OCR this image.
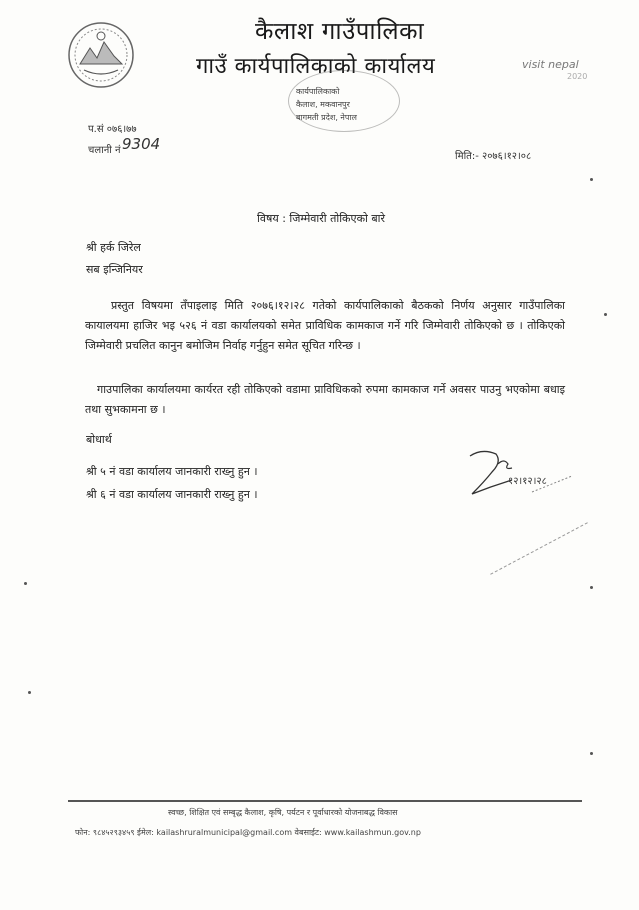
कैलाश गाउँपालिका
गाउँ कार्यपालिकाको कार्यालय
कार्यपालिकाको
कैलाश, मकवानपुर
बागमती प्रदेश, नेपाल
visit nepal
2020
प.सं ०७६।७७
चलानी नं 9304
मिति:- २०७६।१२।०८
विषय : जिम्मेवारी तोकिएको बारे
श्री हर्क जिरेल
सब इन्जिनियर
प्रस्तुत विषयमा तँपाइलाइ मिति २०७६।१२।२८ गतेको कार्यपालिकाको बैठकको निर्णय अनुसार गाउँपालिका कायालयमा हाजिर भइ ५२६ नं वडा कार्यालयको समेत प्राविधिक कामकाज गर्ने गरि जिम्मेवारी तोकिएको छ । तोकिएको जिम्मेवारी प्रचलित कानुन बमोजिम निर्वाह गर्नुहुन समेत सूचित गरिन्छ ।
गाउपालिका कार्यालयमा कार्यरत रही तोकिएको वडामा प्राविधिकको रुपमा कामकाज गर्ने अवसर पाउनु भएकोमा बधाइ तथा सुभकामना छ ।
बोधार्थ
श्री ५ नं वडा कार्यालय जानकारी राख्नु हुन ।
श्री ६ नं वडा कार्यालय जानकारी राख्नु हुन ।
१२।१२।२८
स्वच्छ, शिक्षित एवं सम्बृद्ध कैलाश, कृषि, पर्यटन र पूर्वाधारको योजनाबद्ध विकास
फोन: ९८४५२९३४५९ ईमेल: kailashruralmunicipal@gmail.com वेबसाईट: www.kailashmun.gov.np
